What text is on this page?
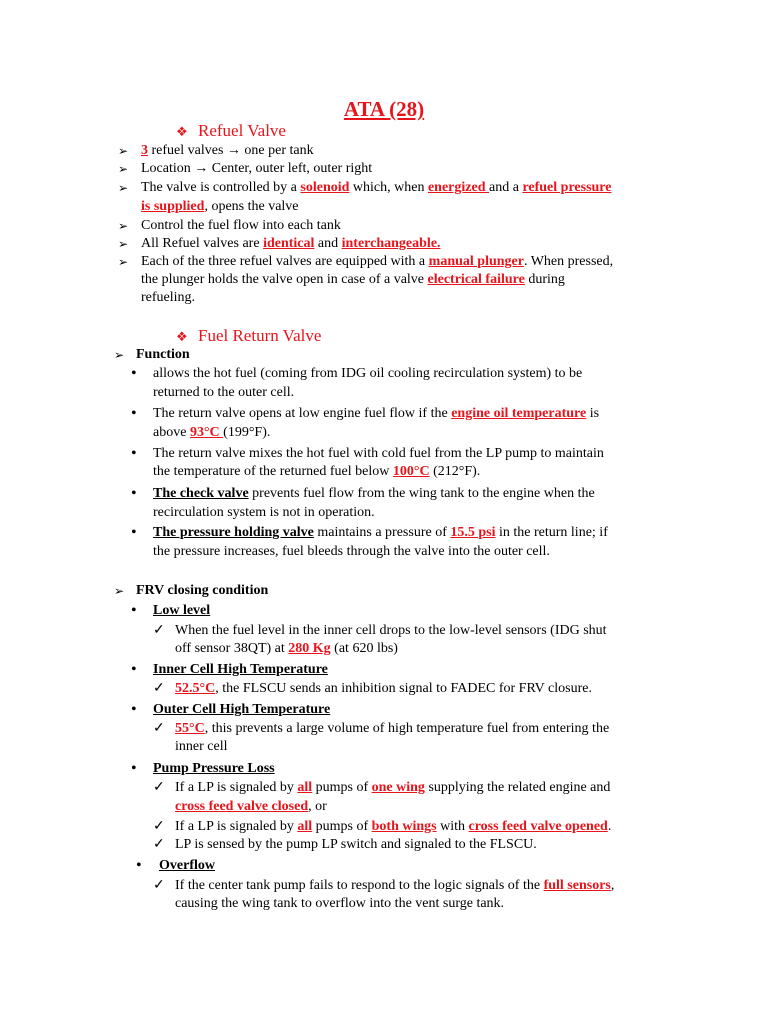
ATA (28)
❖ Refuel Valve
➢ 3 refuel valves → one per tank
➢ Location → Center, outer left, outer right
➢ The valve is controlled by a solenoid which, when energized and a refuel pressure
is supplied, opens the valve
➢ Control the fuel flow into each tank
➢ All Refuel valves are identical and interchangeable.
➢ Each of the three refuel valves are equipped with a manual plunger. When pressed,
the plunger holds the valve open in case of a valve electrical failure during
refueling.
❖ Fuel Return Valve
➢ Function
• allows the hot fuel (coming from IDG oil cooling recirculation system) to be
returned to the outer cell.
• The return valve opens at low engine fuel flow if the engine oil temperature is
above 93°C (199°F).
• The return valve mixes the hot fuel with cold fuel from the LP pump to maintain
the temperature of the returned fuel below 100°C (212°F).
• The check valve prevents fuel flow from the wing tank to the engine when the
recirculation system is not in operation.
• The pressure holding valve maintains a pressure of 15.5 psi in the return line; if
the pressure increases, fuel bleeds through the valve into the outer cell.
➢ FRV closing condition
• Low level
✓ When the fuel level in the inner cell drops to the low-level sensors (IDG shut
off sensor 38QT) at 280 Kg (at 620 lbs)
• Inner Cell High Temperature
✓ 52.5°C, the FLSCU sends an inhibition signal to FADEC for FRV closure.
• Outer Cell High Temperature
✓ 55°C, this prevents a large volume of high temperature fuel from entering the
inner cell
• Pump Pressure Loss
✓ If a LP is signaled by all pumps of one wing supplying the related engine and
cross feed valve closed, or
✓ If a LP is signaled by all pumps of both wings with cross feed valve opened.
✓ LP is sensed by the pump LP switch and signaled to the FLSCU.
• Overflow
✓ If the center tank pump fails to respond to the logic signals of the full sensors,
causing the wing tank to overflow into the vent surge tank.
